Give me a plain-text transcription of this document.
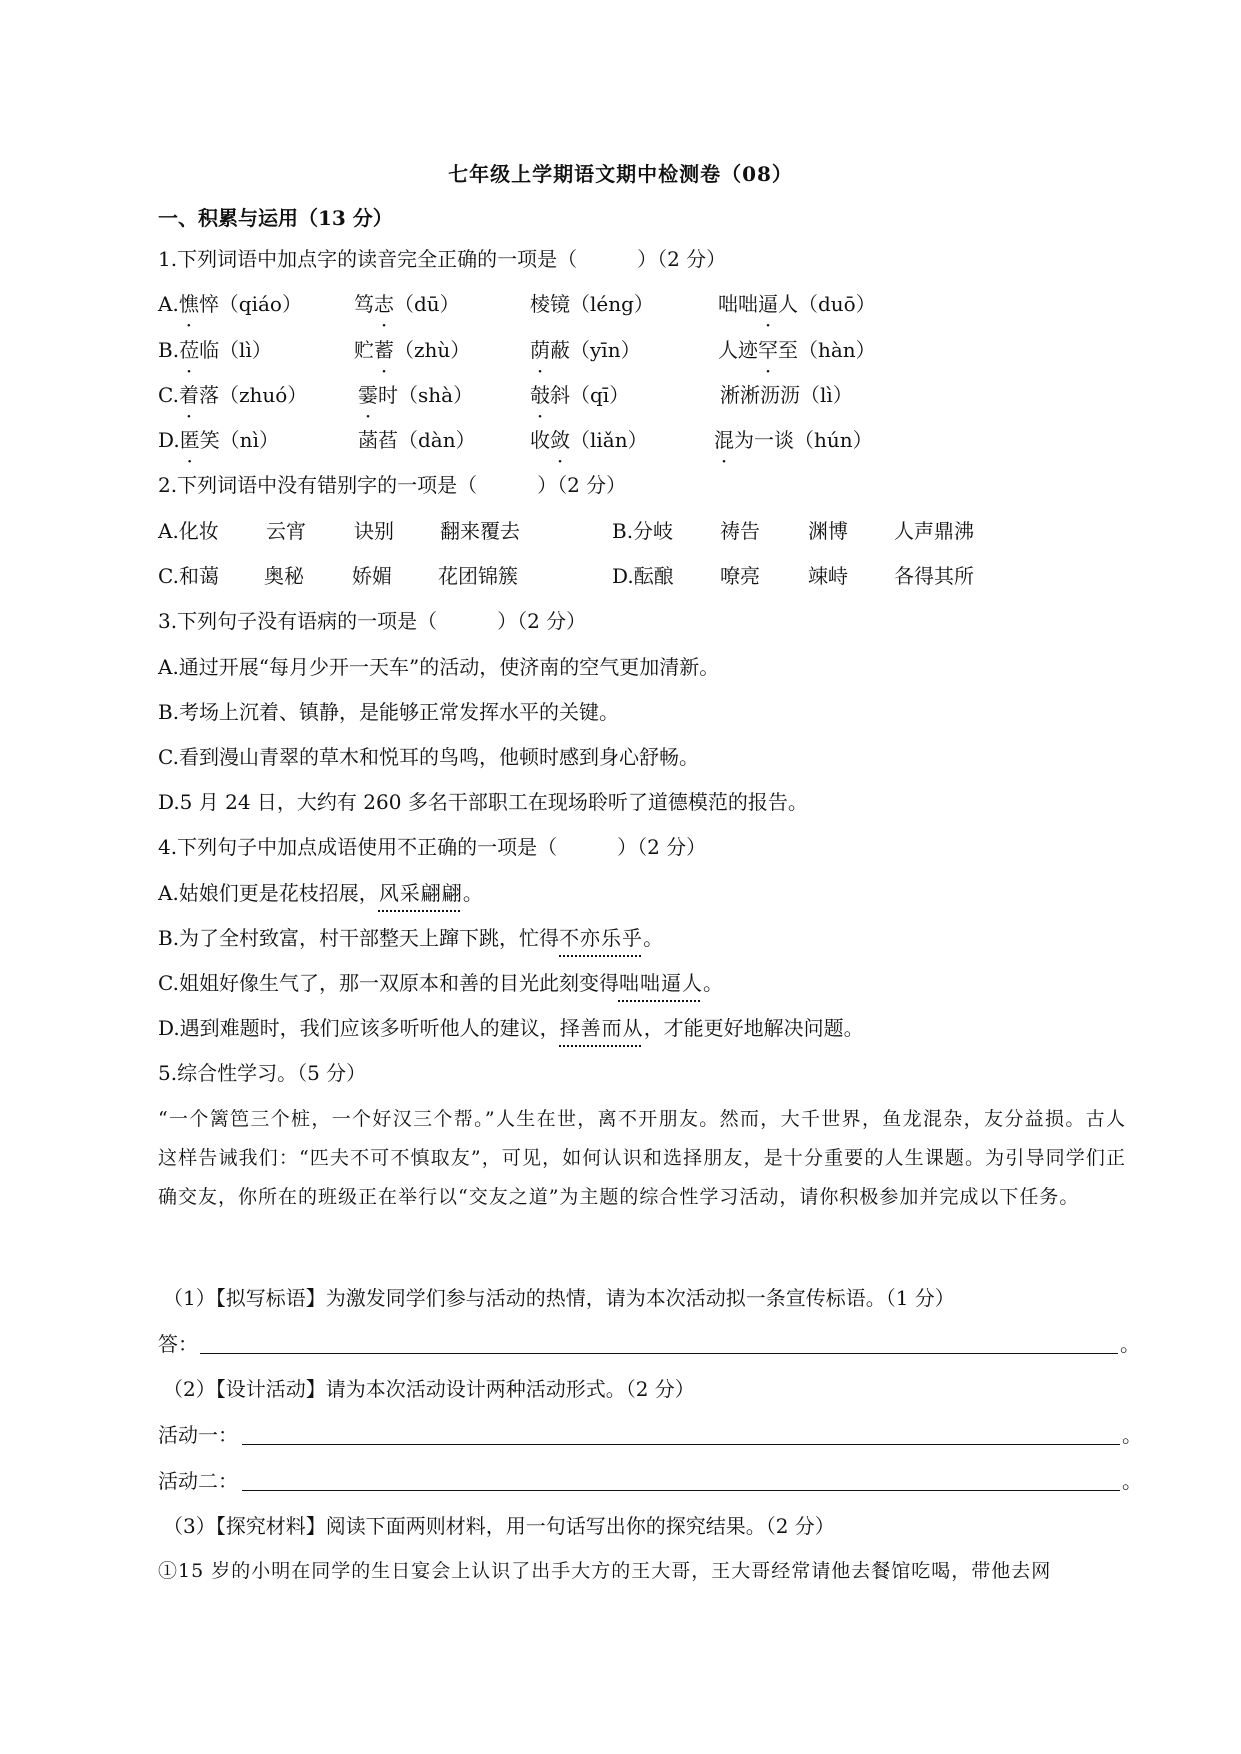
七年级上学期语文期中检测卷（08）
一、积累与运用（13 分）
1.下列词语中加点字的读音完全正确的一项是（　　　）（2 分）
A.憔悴（qiáo）	笃志（dū）	棱镜（léng）	咄咄逼人（duō）
B.莅临（lì）	贮蓄（zhù）	荫蔽（yīn）	人迹罕至（hàn）
C.着落（zhuó）	霎时（shà）	攲斜（qī）	淅淅沥沥（lì）
D.匿笑（nì）	菡萏（dàn）	收敛（liǎn）	混为一谈（hún）
2.下列词语中没有错别字的一项是（　　　）（2 分）
A.化妆 云宵 诀别 翻来覆去	B.分岐 祷告 渊博 人声鼎沸
C.和蔼 奥秘 娇媚 花团锦簇	D.酝酿 嘹亮 竦峙 各得其所
3.下列句子没有语病的一项是（　　　）（2 分）
A.通过开展“每月少开一天车”的活动，使济南的空气更加清新。
B.考场上沉着、镇静，是能够正常发挥水平的关键。
C.看到漫山青翠的草木和悦耳的鸟鸣，他顿时感到身心舒畅。
D.5 月 24 日，大约有 260 多名干部职工在现场聆听了道德模范的报告。
4.下列句子中加点成语使用不正确的一项是（　　　）（2 分）
A.姑娘们更是花枝招展，风采翩翩。
B.为了全村致富，村干部整天上蹿下跳，忙得不亦乐乎。
C.姐姐好像生气了，那一双原本和善的目光此刻变得咄咄逼人。
D.遇到难题时，我们应该多听听他人的建议，择善而从，才能更好地解决问题。
5.综合性学习。（5 分）
“一个篱笆三个桩，一个好汉三个帮。”人生在世，离不开朋友。然而，大千世界，鱼龙混杂，友分益损。古人这样告诫我们：“匹夫不可不慎取友”，可见，如何认识和选择朋友，是十分重要的人生课题。为引导同学们正确交友，你所在的班级正在举行以“交友之道”为主题的综合性学习活动，请你积极参加并完成以下任务。
（1）【拟写标语】为激发同学们参与活动的热情，请为本次活动拟一条宣传标语。（1 分）
答：	。
（2）【设计活动】请为本次活动设计两种活动形式。（2 分）
活动一：	。
活动二：	。
（3）【探究材料】阅读下面两则材料，用一句话写出你的探究结果。（2 分）
①15 岁的小明在同学的生日宴会上认识了出手大方的王大哥，王大哥经常请他去餐馆吃喝，带他去网
